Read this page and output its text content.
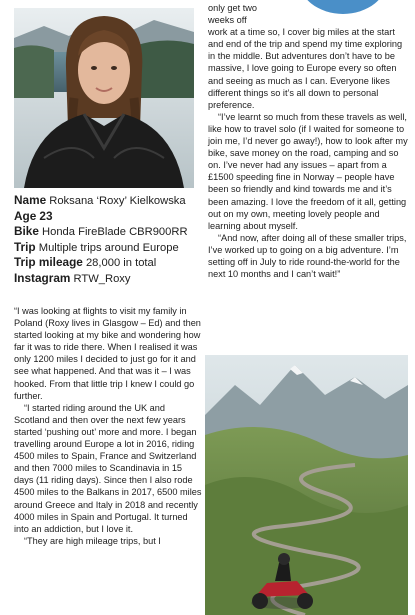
Name Roksana ‘Roxy’ Kielkowska
Age 23
Bike Honda FireBlade CBR900RR
Trip Multiple trips around Europe
Trip mileage 28,000 in total
Instagram RTW_Roxy

“I was looking at flights to visit my family in Poland (Roxy lives in Glasgow – Ed) and then started looking at my bike and wondering how far it was to ride there. When I realised it was only 1200 miles I decided to just go for it and see what happened. And that was it – I was hooked. From that little trip I knew I could go further.

“I started riding around the UK and Scotland and then over the next few years started ‘pushing out’ more and more. I began travelling around Europe a lot in 2016, riding 4500 miles to Spain, France and Switzerland and then 7000 miles to Scandinavia in 15 days (11 riding days). Since then I also rode 4500 miles to the Balkans in 2017, 6500 miles around Greece and Italy in 2018 and recently 4000 miles in Spain and Portugal. It turned into an addiction, but I love it.

“They are high mileage trips, but I

only get two weeks off

work at a time so, I cover big miles at the start and end of the trip and spend my time exploring in the middle. But adventures don’t have to be massive, I love going to Europe every so often and seeing as much as I can. Everyone likes different things so it’s all down to personal preference.

“I’ve learnt so much from these travels as well, like how to travel solo (if I waited for someone to join me, I’d never go away!), how to look after my bike, save money on the road, camping and so on. I’ve never had any issues – apart from a £1500 speeding fine in Norway – people have been so friendly and kind towards me and it’s been amazing. I love the freedom of it all, getting out on my own, meeting lovely people and learning about myself.

“And now, after doing all of these smaller trips, I’ve worked up to going on a big adventure. I’m setting off in July to ride round-the-world for the next 10 months and I can’t wait!”
